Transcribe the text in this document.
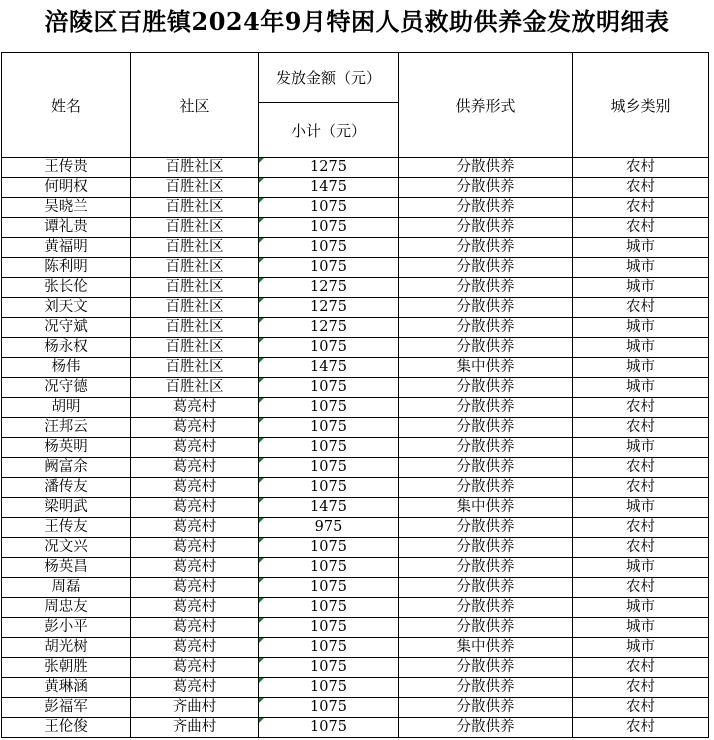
涪陵区百胜镇2024年9月特困人员救助供养金发放明细表
姓名	社区	发放金额（元）	供养形式	城乡类别
		小计（元）		
王传贵	百胜社区	1275	分散供养	农村
何明权	百胜社区	1475	分散供养	农村
吴晓兰	百胜社区	1075	分散供养	农村
谭礼贵	百胜社区	1075	分散供养	农村
黄福明	百胜社区	1075	分散供养	城市
陈利明	百胜社区	1075	分散供养	城市
张长伦	百胜社区	1275	分散供养	城市
刘天文	百胜社区	1275	分散供养	农村
况守斌	百胜社区	1275	分散供养	城市
杨永权	百胜社区	1075	分散供养	城市
杨伟	百胜社区	1475	集中供养	城市
况守德	百胜社区	1075	分散供养	城市
胡明	葛亮村	1075	分散供养	农村
汪邦云	葛亮村	1075	分散供养	农村
杨英明	葛亮村	1075	分散供养	城市
阙富余	葛亮村	1075	分散供养	农村
潘传友	葛亮村	1075	分散供养	农村
梁明武	葛亮村	1475	集中供养	城市
王传友	葛亮村	975	分散供养	农村
况文兴	葛亮村	1075	分散供养	农村
杨英昌	葛亮村	1075	分散供养	城市
周磊	葛亮村	1075	分散供养	农村
周忠友	葛亮村	1075	分散供养	城市
彭小平	葛亮村	1075	分散供养	城市
胡光树	葛亮村	1075	集中供养	城市
张朝胜	葛亮村	1075	分散供养	农村
黄琳涵	葛亮村	1075	分散供养	农村
彭福军	齐曲村	1075	分散供养	农村
王伦俊	齐曲村	1075	分散供养	农村
